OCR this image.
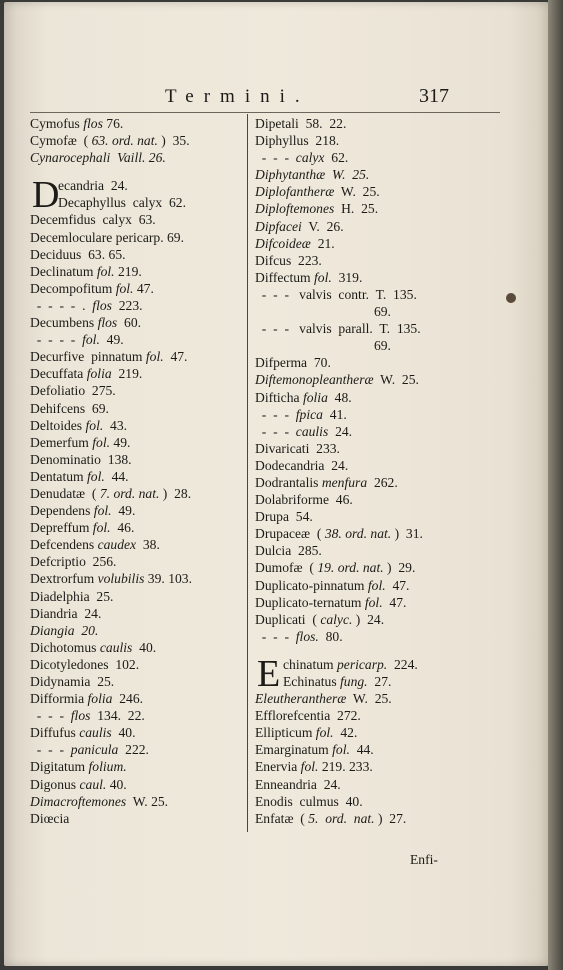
Termini.	317
Cymofus flos 76.
Cymofæ  ( 63. ord. nat. )  35.
Cynarocephali  Vaill. 26.
D
ecandria  24.
Decaphyllus  calyx  62.
Decemfidus  calyx  63.
Decemloculare pericarp. 69.
Deciduus  63. 65.
Declinatum fol. 219.
Decompofitum fol. 47.
-  -  -  -  .  flos  223.
Decumbens flos  60.
-  -  -  -  fol.  49.
Decurfive  pinnatum fol.  47.
Decuffata folia  219.
Defoliatio  275.
Dehifcens  69.
Deltoides fol.  43.
Demerfum fol. 49.
Denominatio  138.
Dentatum fol.  44.
Denudatæ  ( 7. ord. nat. )  28.
Dependens fol.  49.
Depreffum fol.  46.
Defcendens caudex  38.
Defcriptio  256.
Dextrorfum volubilis 39. 103.
Diadelphia  25.
Diandria  24.
Diangia  20.
Dichotomus caulis  40.
Dicotyledones  102.
Didynamia  25.
Difformia folia  246.
-  -  -  flos  134.  22.
Diffufus caulis  40.
-  -  -  panicula  222.
Digitatum folium.
Digonus caul. 40.
Dimacroftemones  W. 25.
Diœcia
Dipetali  58.  22.
Diphyllus  218.
-  -  -  calyx  62.
Diphytanthæ  W.  25.
Diplofantheræ  W.  25.
Diploftemones  H.  25.
Dipfacei  V.  26.
Difcoideæ  21.
Difcus  223.
Diffectum fol.  319.
-  -  -   valvis  contr.  T.  135.
69.
-  -  -   valvis  parall.  T.  135.
69.
Difperma  70.
Diftemonopleantheræ  W.  25.
Difticha folia  48.
-  -  -  fpica  41.
-  -  -  caulis  24.
Divaricati  233.
Dodecandria  24.
Dodrantalis menfura  262.
Dolabriforme  46.
Drupa  54.
Drupaceæ  ( 38. ord. nat. )  31.
Dulcia  285.
Dumofæ  ( 19. ord. nat. )  29.
Duplicato-pinnatum fol.  47.
Duplicato-ternatum fol.  47.
Duplicati  ( calyc. )  24.
-  -  -  flos.  80.
E chinatum pericarp.  224.
Echinatus fung.  27.
Eleutherantheræ  W.  25.
Efflorefcentia  272.
Ellipticum fol.  42.
Emarginatum fol.  44.
Enervia fol. 219. 233.
Enneandria  24.
Enodis  culmus  40.
Enfatæ  ( 5.  ord.  nat. )  27.
Enfi-
